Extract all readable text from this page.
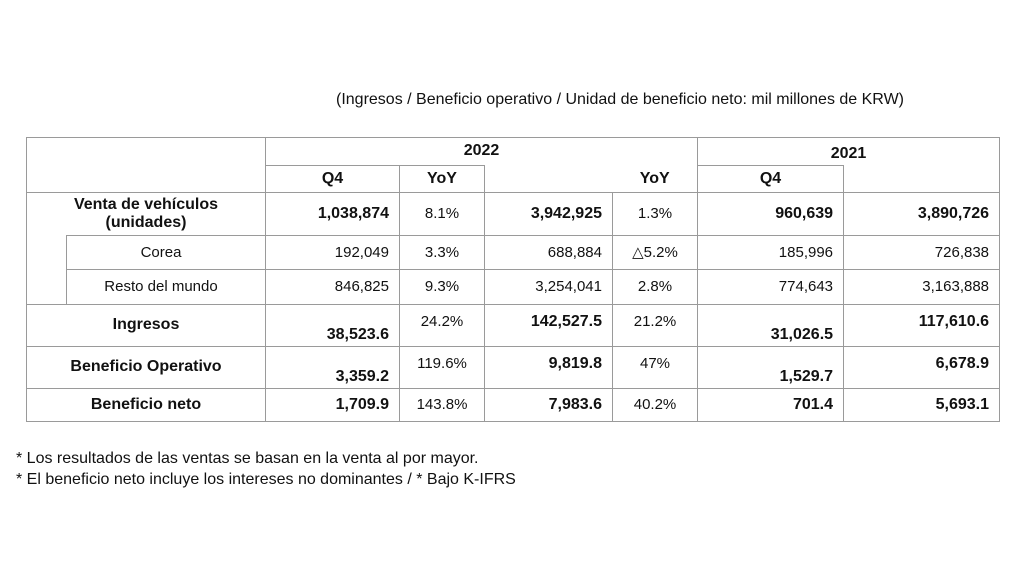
(Ingresos / Beneficio operativo / Unidad de beneficio neto: mil millones de KRW)
		2022				2021	
		Q4	YoY		YoY	Q4	
Venta de vehículos (unidades)		1,038,874	8.1%	3,942,925	1.3%	960,639	3,890,726
	Corea	192,049	3.3%	688,884	△5.2%	185,996	726,838
	Resto del mundo	846,825	9.3%	3,254,041	2.8%	774,643	3,163,888
Ingresos		38,523.6	24.2%	142,527.5	21.2%	31,026.5	117,610.6
Beneficio Operativo		3,359.2	119.6%	9,819.8	47%	1,529.7	6,678.9
Beneficio neto		1,709.9	143.8%	7,983.6	40.2%	701.4	5,693.1
* Los resultados de las ventas se basan en la venta al por mayor.
* El beneficio neto incluye los intereses no dominantes / * Bajo K-IFRS
